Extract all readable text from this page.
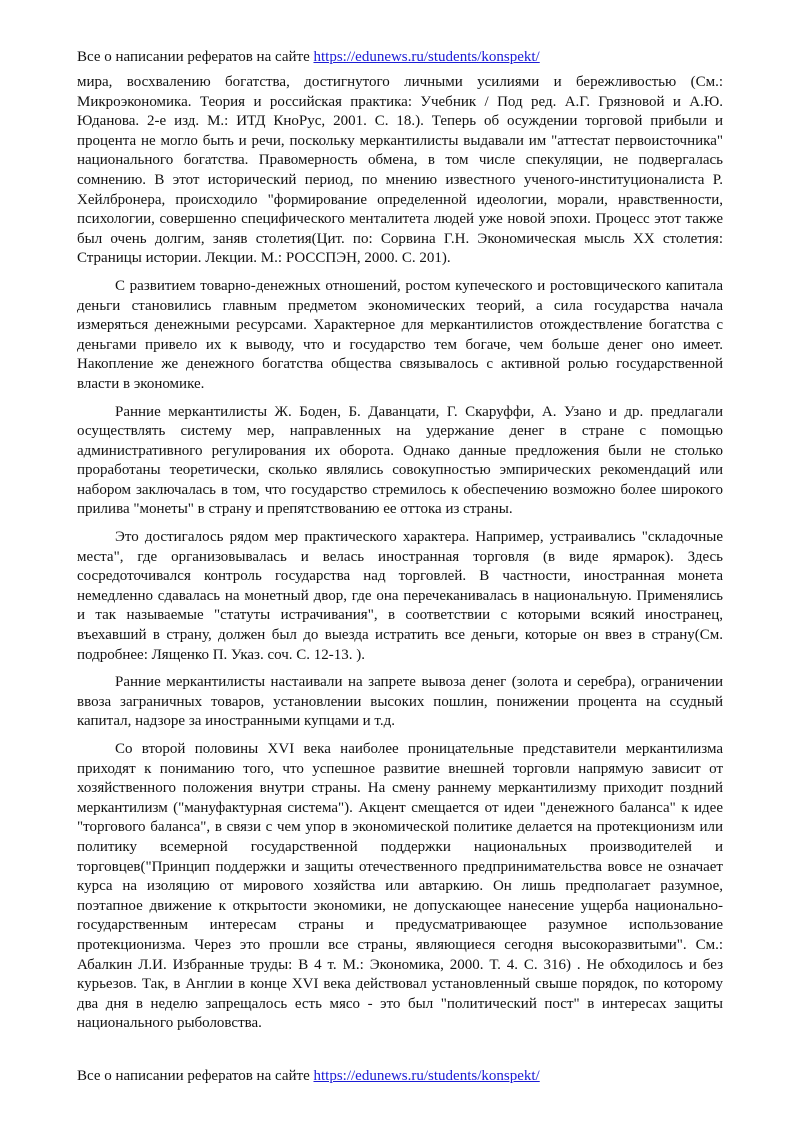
Все о написании рефератов на сайте https://edunews.ru/students/konspekt/

мира, восхвалению богатства, достигнутого личными усилиями и бережливостью (См.: Микроэкономика. Теория и российская практика: Учебник / Под ред. А.Г. Грязновой и А.Ю. Юданова. 2-е изд. М.: ИТД КноРус, 2001. С. 18.). Теперь об осуждении торговой прибыли и процента не могло быть и речи, поскольку меркантилисты выдавали им "аттестат первоисточника" национального богатства. Правомерность обмена, в том числе спекуляции, не подвергалась сомнению. В этот исторический период, по мнению известного ученого-институционалиста Р. Хейлбронера, происходило "формирование определенной идеологии, морали, нравственности, психологии, совершенно специфического менталитета людей уже новой эпохи. Процесс этот также был очень долгим, заняв столетия(Цит. по: Сорвина Г.Н. Экономическая мысль ХХ столетия: Страницы истории. Лекции. М.: РОССПЭН, 2000. С. 201).

С развитием товарно-денежных отношений, ростом купеческого и ростовщического капитала деньги становились главным предметом экономических теорий, а сила государства начала измеряться денежными ресурсами. Характерное для меркантилистов отождествление богатства с деньгами привело их к выводу, что и государство тем богаче, чем больше денег оно имеет. Накопление же денежного богатства общества связывалось с активной ролью государственной власти в экономике.

Ранние меркантилисты Ж. Боден, Б. Даванцати, Г. Скаруффи, А. Узано и др. предлагали осуществлять систему мер, направленных на удержание денег в стране с помощью административного регулирования их оборота. Однако данные предложения были не столько проработаны теоретически, сколько являлись совокупностью эмпирических рекомендаций или набором заключалась в том, что государство стремилось к обеспечению возможно более широкого прилива "монеты" в страну и препятствованию ее оттока из страны.

Это достигалось рядом мер практического характера. Например, устраивались "складочные места", где организовывалась и велась иностранная торговля (в виде ярмарок). Здесь сосредоточивался контроль государства над торговлей. В частности, иностранная монета немедленно сдавалась на монетный двор, где она перечеканивалась в национальную. Применялись и так называемые "статуты истрачивания", в соответствии с которыми всякий иностранец, въехавший в страну, должен был до выезда истратить все деньги, которые он ввез в страну(См. подробнее: Лященко П. Указ. соч. С. 12-13. ).

Ранние меркантилисты настаивали на запрете вывоза денег (золота и серебра), ограничении ввоза заграничных товаров, установлении высоких пошлин, понижении процента на ссудный капитал, надзоре за иностранными купцами и т.д.

Со второй половины XVI века наиболее проницательные представители меркантилизма приходят к пониманию того, что успешное развитие внешней торговли напрямую зависит от хозяйственного положения внутри страны. На смену раннему меркантилизму приходит поздний меркантилизм ("мануфактурная система"). Акцент смещается от идеи "денежного баланса" к идее "торгового баланса", в связи с чем упор в экономической политике делается на протекционизм или политику всемерной государственной поддержки национальных производителей и торговцев("Принцип поддержки и защиты отечественного предпринимательства вовсе не означает курса на изоляцию от мирового хозяйства или автаркию. Он лишь предполагает разумное, поэтапное движение к открытости экономики, не допускающее нанесение ущерба национально-государственным интересам страны и предусматривающее разумное использование протекционизма. Через это прошли все страны, являющиеся сегодня высокоразвитыми". См.: Абалкин Л.И. Избранные труды: В 4 т. М.: Экономика, 2000. Т. 4. С. 316) . Не обходилось и без курьезов. Так, в Англии в конце XVI века действовал установленный свыше порядок, по которому два дня в неделю запрещалось есть мясо - это был "политический пост" в интересах защиты национального рыболовства.

Все о написании рефератов на сайте https://edunews.ru/students/konspekt/
